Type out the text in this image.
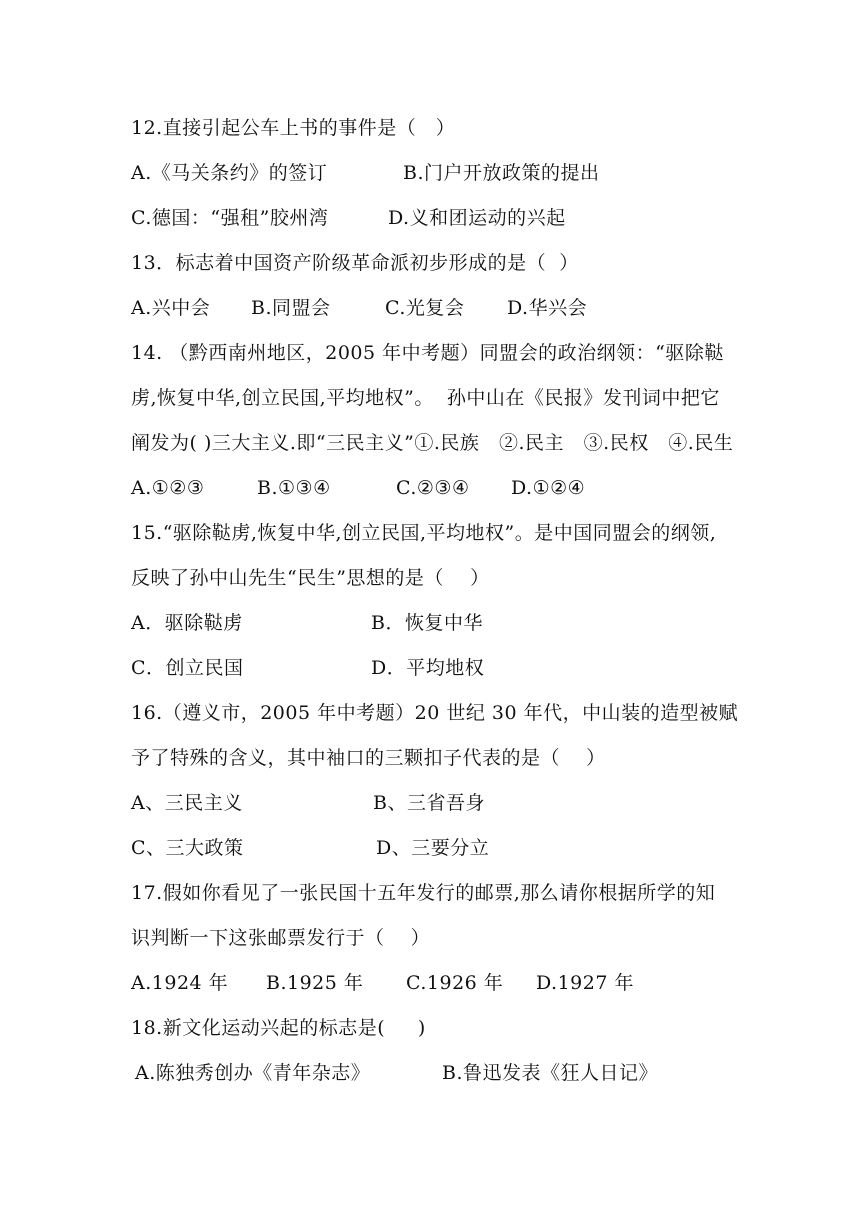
12.直接引起公车上书的事件是（　）
A.《马关条约》的签订	B.门户开放政策的提出
C.德国：“强租”胶州湾	D.义和团运动的兴起
13．标志着中国资产阶级革命派初步形成的是（  ）
A.兴中会 B.同盟会	C.光复会 D.华兴会
14. （黔西南州地区，2005 年中考题）同盟会的政治纲领：“驱除鞑
虏,恢复中华,创立民国,平均地权”。  孙中山在《民报》发刊词中把它
阐发为( )三大主义.即“三民主义”①.民族   ②.民主   ③.民权   ④.民生
A.①②③	B.①③④	C.②③④ D.①②④
15.“驱除鞑虏,恢复中华,创立民国,平均地权”。是中国同盟会的纲领,
反映了孙中山先生“民生”思想的是（    ）
A．驱除鞑虏	B．恢复中华
C．创立民国	D．平均地权
16.（遵义市，2005 年中考题）20 世纪 30 年代，中山装的造型被赋
予了特殊的含义，其中袖口的三颗扣子代表的是（    ）
A、三民主义	B、三省吾身
C、三大政策	D、三要分立
17.假如你看见了一张民国十五年发行的邮票,那么请你根据所学的知
识判断一下这张邮票发行于（    ）
A.1924 年 B.1925 年 C.1926 年 D.1927 年
18.新文化运动兴起的标志是(     )
A.陈独秀创办《青年杂志》	B.鲁迅发表《狂人日记》
